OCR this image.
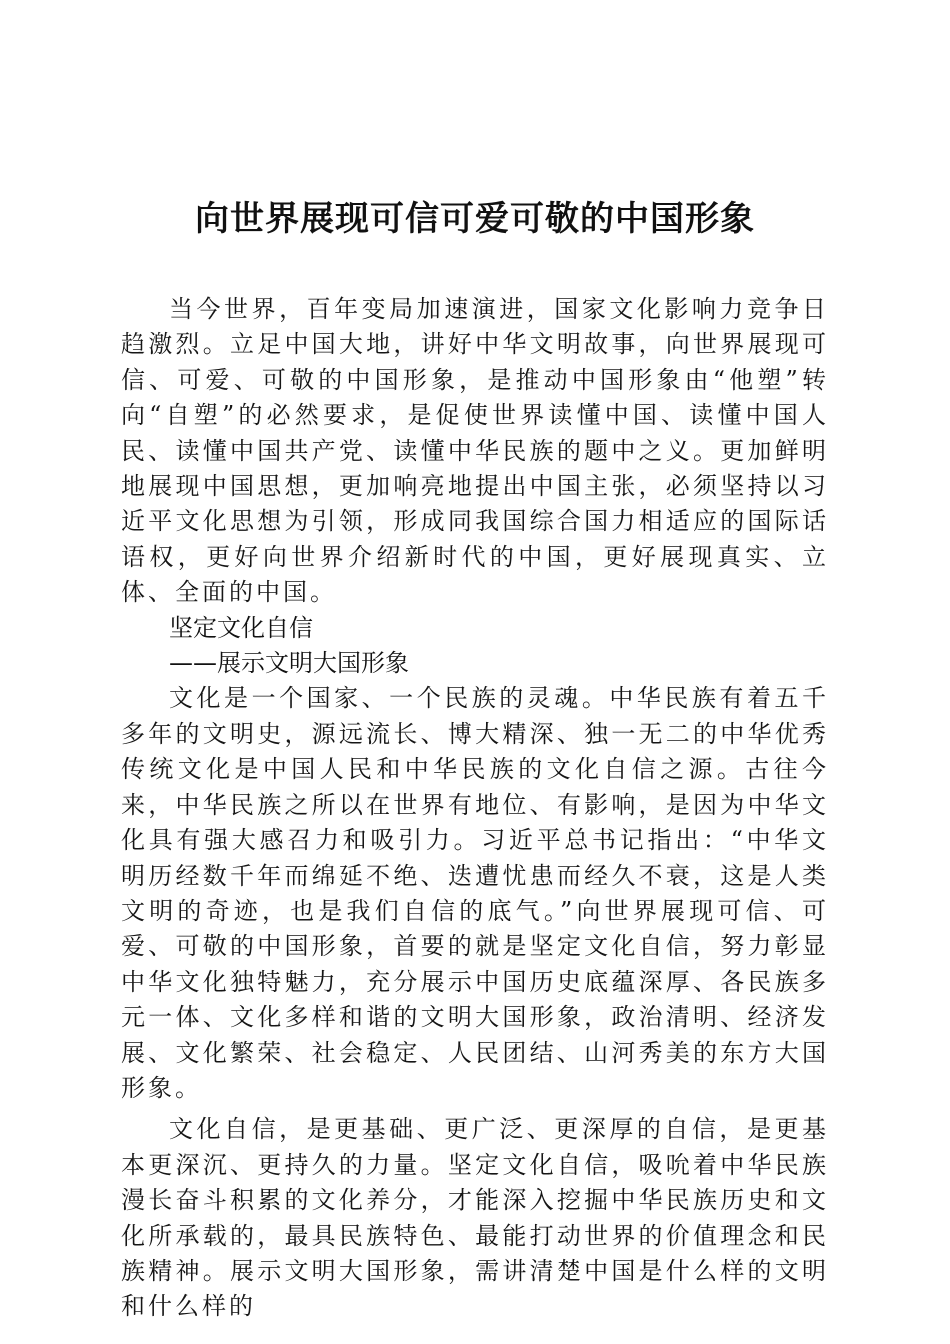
向世界展现可信可爱可敬的中国形象

当今世界，百年变局加速演进，国家文化影响力竞争日趋激烈。立足中国大地，讲好中华文明故事，向世界展现可信、可爱、可敬的中国形象，是推动中国形象由“他塑”转向“自塑”的必然要求，是促使世界读懂中国、读懂中国人民、读懂中国共产党、读懂中华民族的题中之义。更加鲜明地展现中国思想，更加响亮地提出中国主张，必须坚持以习近平文化思想为引领，形成同我国综合国力相适应的国际话语权，更好向世界介绍新时代的中国，更好展现真实、立体、全面的中国。

坚定文化自信
——展示文明大国形象

文化是一个国家、一个民族的灵魂。中华民族有着五千多年的文明史，源远流长、博大精深、独一无二的中华优秀传统文化是中国人民和中华民族的文化自信之源。古往今来，中华民族之所以在世界有地位、有影响，是因为中华文化具有强大感召力和吸引力。习近平总书记指出：“中华文明历经数千年而绵延不绝、迭遭忧患而经久不衰，这是人类文明的奇迹，也是我们自信的底气。”向世界展现可信、可爱、可敬的中国形象，首要的就是坚定文化自信，努力彰显中华文化独特魅力，充分展示中国历史底蕴深厚、各民族多元一体、文化多样和谐的文明大国形象，政治清明、经济发展、文化繁荣、社会稳定、人民团结、山河秀美的东方大国形象。

文化自信，是更基础、更广泛、更深厚的自信，是更基本更深沉、更持久的力量。坚定文化自信，吸吮着中华民族漫长奋斗积累的文化养分，才能深入挖掘中华民族历史和文化所承载的，最具民族特色、最能打动世界的价值理念和民族精神。展示文明大国形象，需讲清楚中国是什么样的文明和什么样的
